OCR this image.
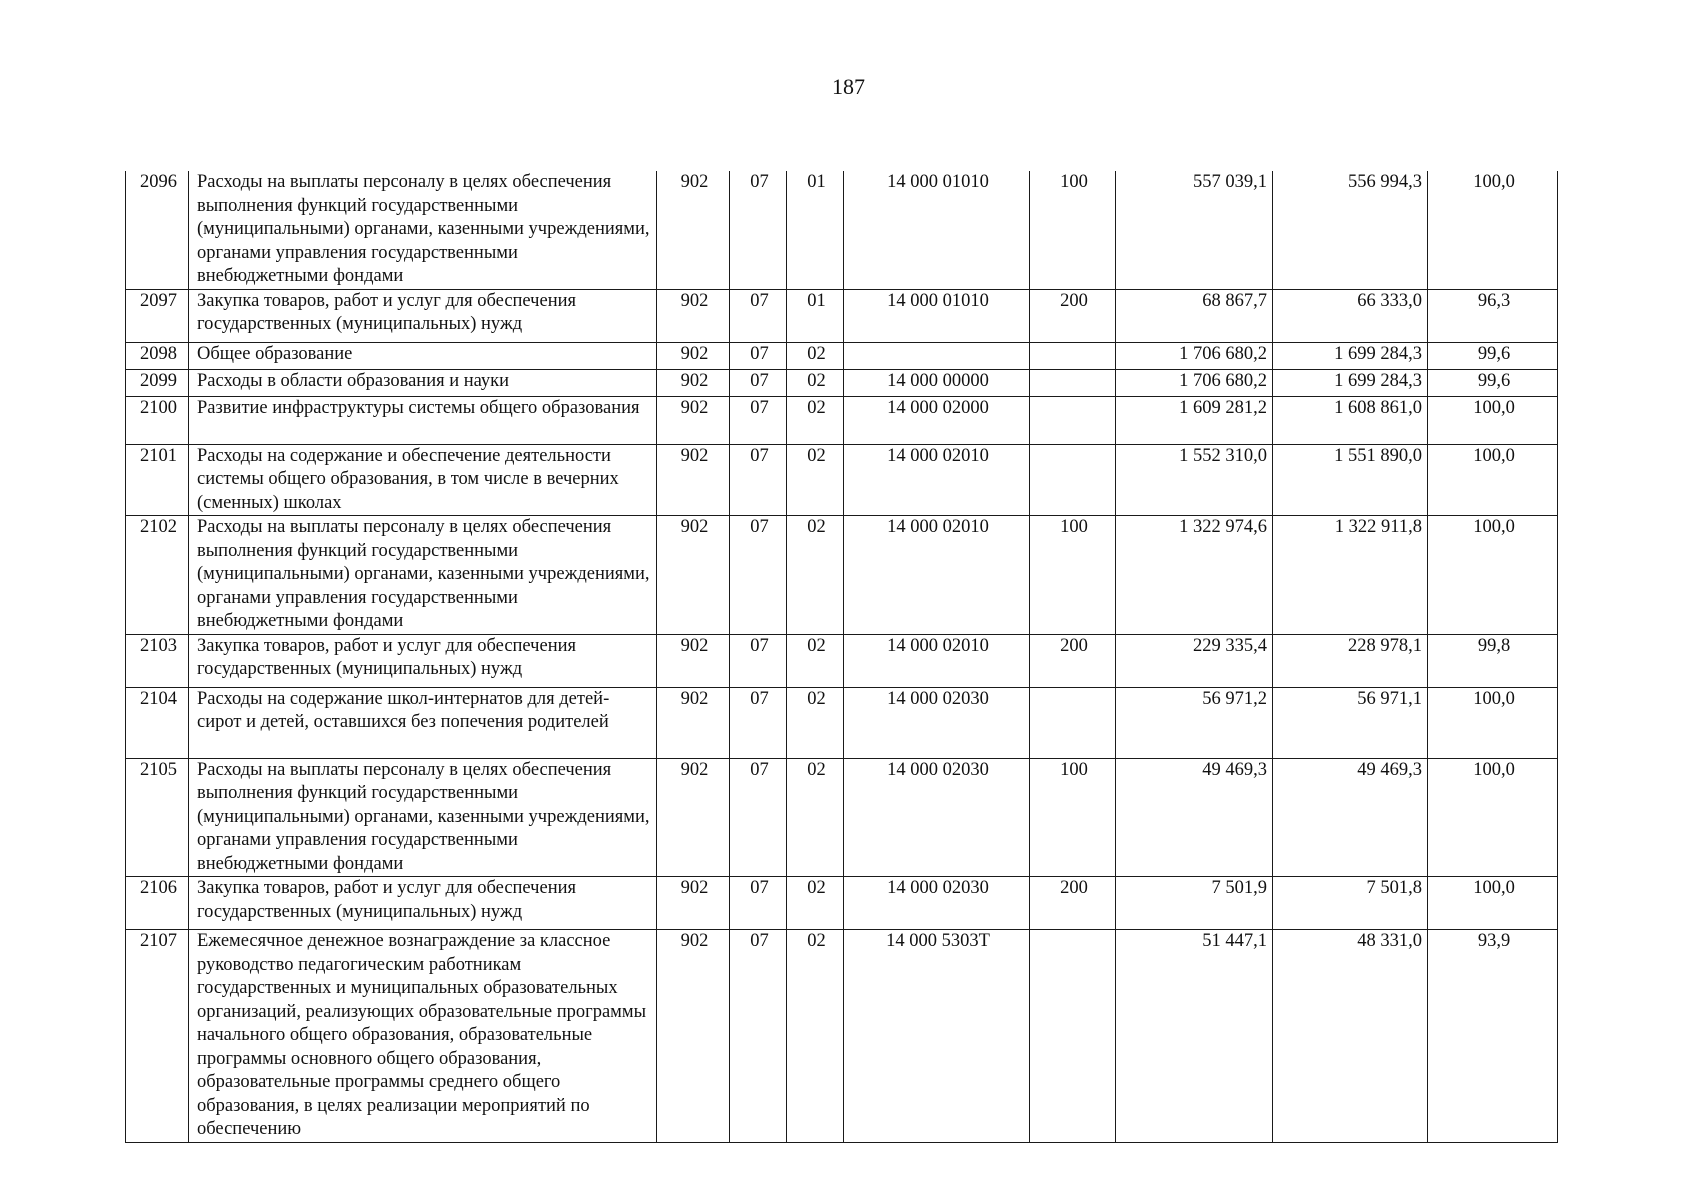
187
2096	Расходы на выплаты персоналу в целях обеспечения выполнения функций государственными (муниципальными) органами, казенными учреждениями, органами управления государственными внебюджетными фондами	902	07	01	14 000 01010	100	557 039,1	556 994,3	100,0
2097	Закупка товаров, работ и услуг для обеспечения государственных (муниципальных) нужд	902	07	01	14 000 01010	200	68 867,7	66 333,0	96,3
2098	Общее образование	902	07	02			1 706 680,2	1 699 284,3	99,6
2099	Расходы в области образования и науки	902	07	02	14 000 00000		1 706 680,2	1 699 284,3	99,6
2100	Развитие инфраструктуры системы общего образования	902	07	02	14 000 02000		1 609 281,2	1 608 861,0	100,0
2101	Расходы на содержание и обеспечение деятельности системы общего образования, в том числе в вечерних (сменных) школах	902	07	02	14 000 02010		1 552 310,0	1 551 890,0	100,0
2102	Расходы на выплаты персоналу в целях обеспечения выполнения функций государственными (муниципальными) органами, казенными учреждениями, органами управления государственными внебюджетными фондами	902	07	02	14 000 02010	100	1 322 974,6	1 322 911,8	100,0
2103	Закупка товаров, работ и услуг для обеспечения государственных (муниципальных) нужд	902	07	02	14 000 02010	200	229 335,4	228 978,1	99,8
2104	Расходы на содержание школ-интернатов для детей-сирот и детей, оставшихся без попечения родителей	902	07	02	14 000 02030		56 971,2	56 971,1	100,0
2105	Расходы на выплаты персоналу в целях обеспечения выполнения функций государственными (муниципальными) органами, казенными учреждениями, органами управления государственными внебюджетными фондами	902	07	02	14 000 02030	100	49 469,3	49 469,3	100,0
2106	Закупка товаров, работ и услуг для обеспечения государственных (муниципальных) нужд	902	07	02	14 000 02030	200	7 501,9	7 501,8	100,0
2107	Ежемесячное денежное вознаграждение за классное руководство педагогическим работникам государственных и муниципальных образовательных организаций, реализующих образовательные программы начального общего образования, образовательные программы основного общего образования, образовательные программы среднего общего образования, в целях реализации мероприятий по обеспечению	902	07	02	14 000 5303Т		51 447,1	48 331,0	93,9
